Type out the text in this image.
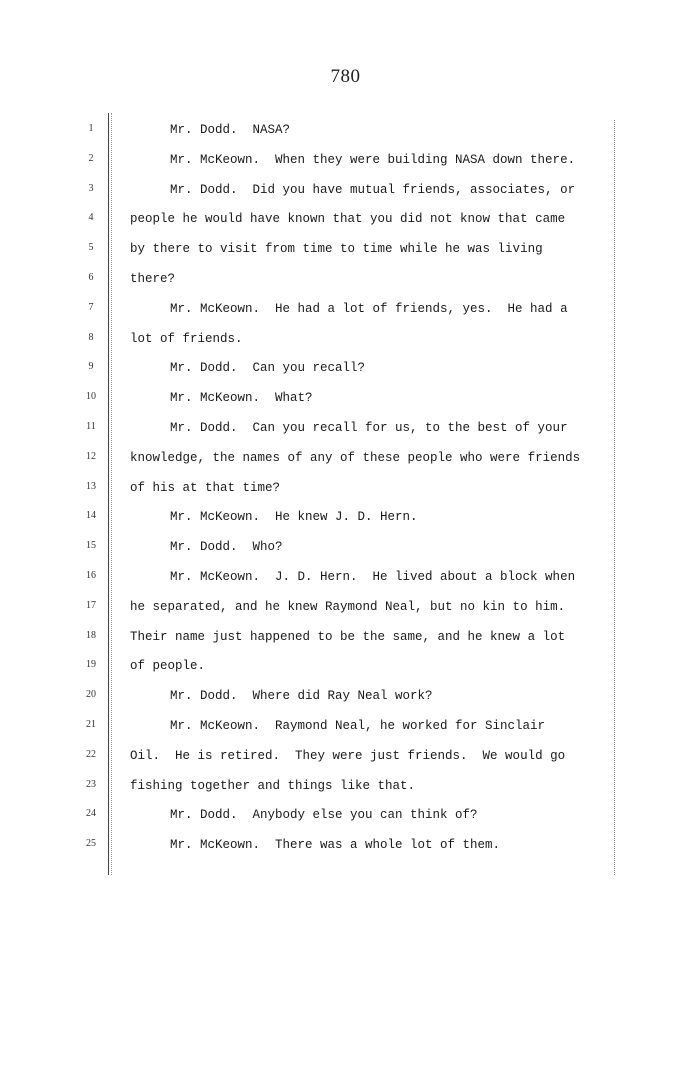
780
1	Mr. Dodd.  NASA?
2	Mr. McKeown.  When they were building NASA down there.
3	Mr. Dodd.  Did you have mutual friends, associates, or
4	people he would have known that you did not know that came
5	by there to visit from time to time while he was living
6	there?
7	Mr. McKeown.  He had a lot of friends, yes.  He had a
8	lot of friends.
9	Mr. Dodd.  Can you recall?
10	Mr. McKeown.  What?
11	Mr. Dodd.  Can you recall for us, to the best of your
12	knowledge, the names of any of these people who were friends
13	of his at that time?
14	Mr. McKeown.  He knew J. D. Hern.
15	Mr. Dodd.  Who?
16	Mr. McKeown.  J. D. Hern.  He lived about a block when
17	he separated, and he knew Raymond Neal, but no kin to him.
18	Their name just happened to be the same, and he knew a lot
19	of people.
20	Mr. Dodd.  Where did Ray Neal work?
21	Mr. McKeown.  Raymond Neal, he worked for Sinclair
22	Oil.  He is retired.  They were just friends.  We would go
23	fishing together and things like that.
24	Mr. Dodd.  Anybody else you can think of?
25	Mr. McKeown.  There was a whole lot of them.
